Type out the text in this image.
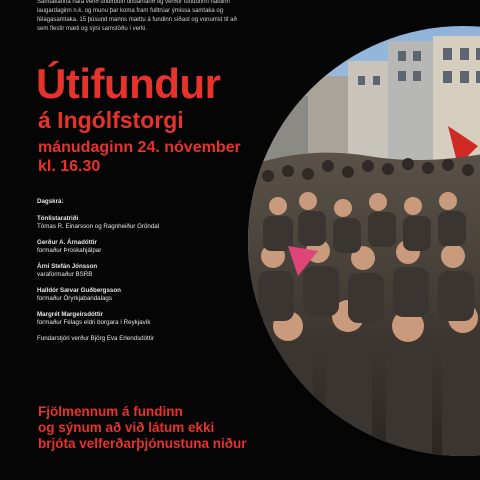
Samtakanna hafa verið undirbúin undanfarið og verður fundurinn haldinn
laugardaginn n.k. og munu þar koma fram fulltrúar ýmissa samtaka og
félagasamtaka. 15 þúsund manns mættu á fundinn síðast og vonumst til að
sem flestir mæti og sýni samstöðu í verki.
Útifundur
á Ingólfstorgi
mánudaginn 24. nóvember
kl. 16.30
Dagskrá:
Tónlistaratriði
Tómas R. Einarsson og Ragnheiður Gröndal
Gerður A. Árnadóttir
formaður Þroskahjálpar
Árni Stefán Jónsson
varaformaður BSRB
Halldór Sævar Guðbergsson
formaður Öryrkjabandalags
Margrét Margeirsdóttir
formaður Félags eldri borgara í Reykjavík
Fundarstjóri verður Björg Eva Erlendsdóttir
Fjölmennum á fundinn
og sýnum að við látum ekki
brjóta velferðarþjónustuna niður
